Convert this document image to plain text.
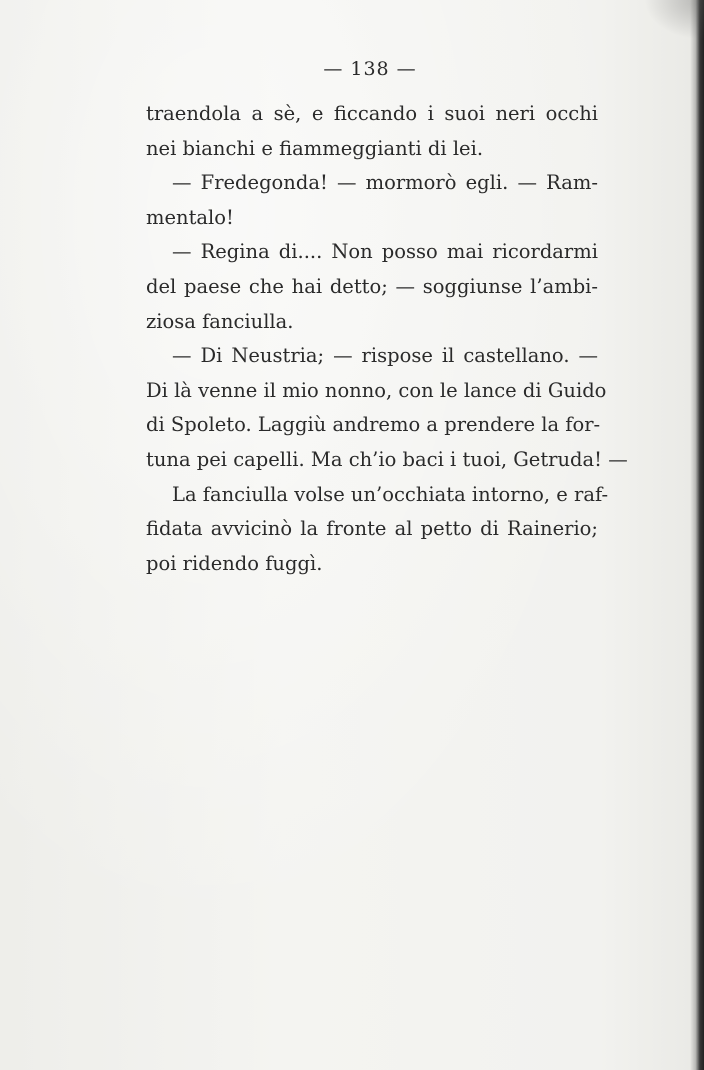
— 138 —
traendola a sè, e ficcando i suoi neri occhi
nei bianchi e fiammeggianti di lei.
— Fredegonda! — mormorò egli. — Ram-
mentalo!
— Regina di.... Non posso mai ricordarmi
del paese che hai detto; — soggiunse l’ambi-
ziosa fanciulla.
— Di Neustria; — rispose il castellano. —
Di là venne il mio nonno, con le lance di Guido
di Spoleto. Laggiù andremo a prendere la for-
tuna pei capelli. Ma ch’io baci i tuoi, Getruda! —
La fanciulla volse un’occhiata intorno, e raf-
fidata avvicinò la fronte al petto di Rainerio;
poi ridendo fuggì.
